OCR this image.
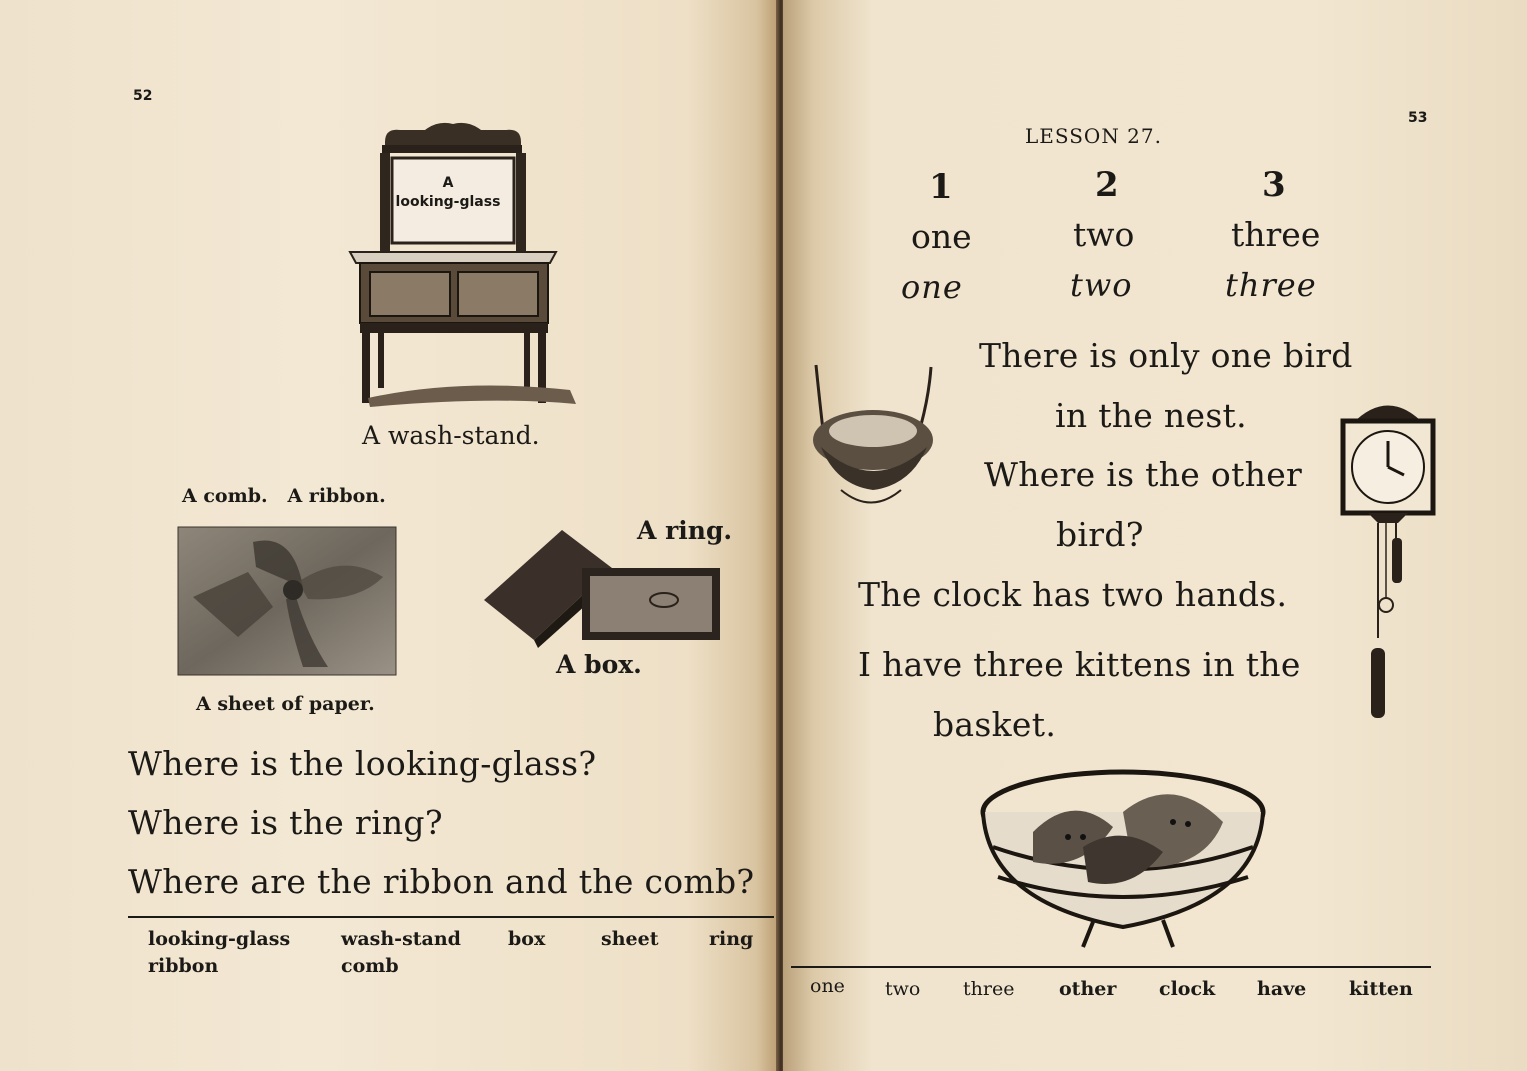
52
A
looking-glass
A wash-stand.
A comb.   A ribbon.
A ring.
A box.
A sheet of paper.
Where is the looking-glass?
Where is the ring?
Where are the ribbon and the comb?
looking-glass	wash-stand box	sheet	ring
ribbon	comb
LESSON 27.
53
1	2	3
one	two	three
one	two	three
There is only one bird
in the nest.
Where is the other
bird?
The clock has two hands.
I have three kittens in the
basket.
one two three other clock have kitten
